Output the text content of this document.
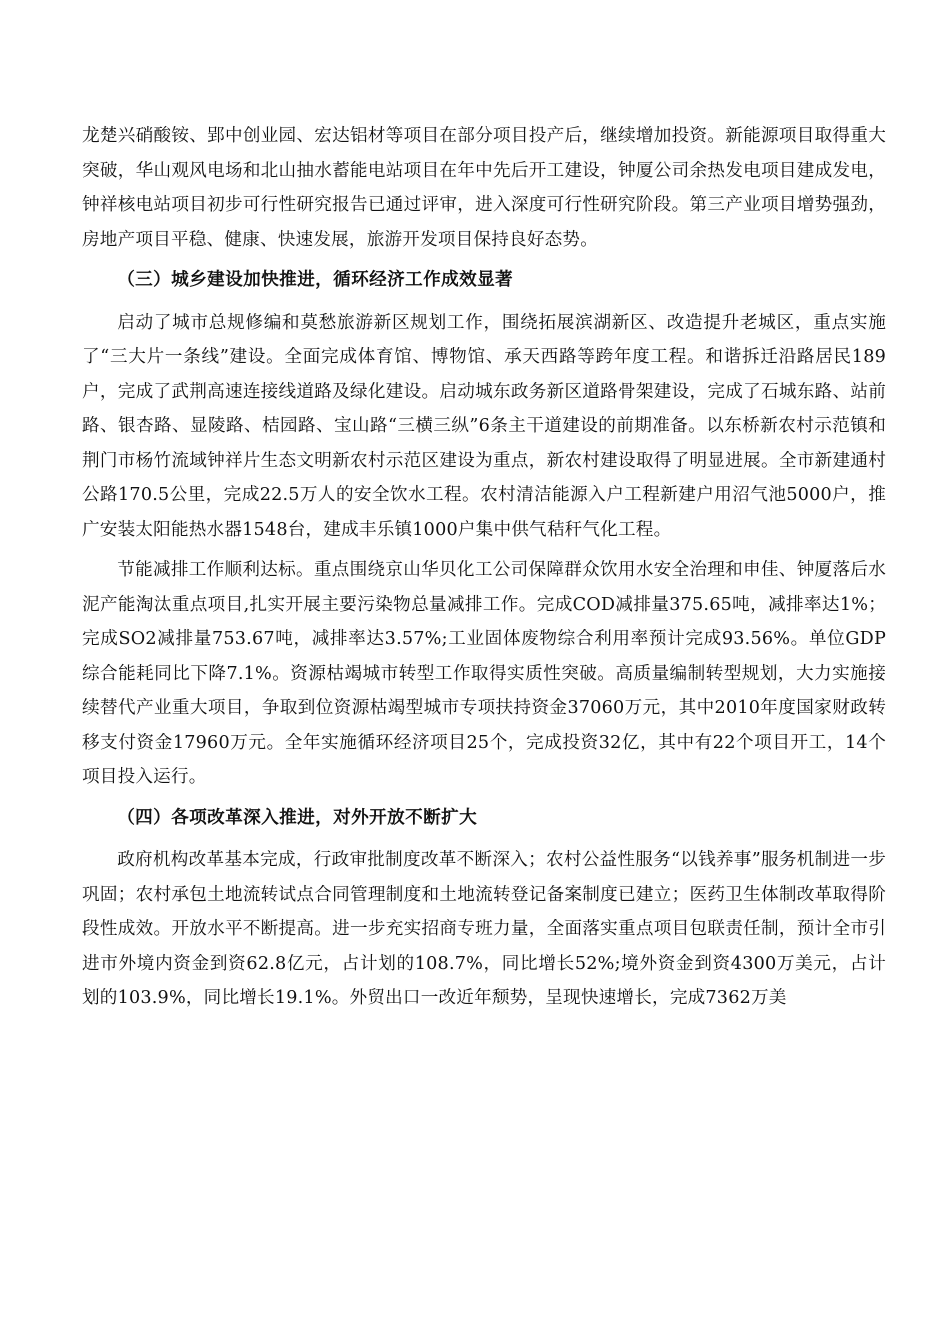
龙楚兴硝酸铵、郢中创业园、宏达铝材等项目在部分项目投产后，继续增加投资。新能源项目取得重大突破，华山观风电场和北山抽水蓄能电站项目在年中先后开工建设，钟厦公司余热发电项目建成发电，钟祥核电站项目初步可行性研究报告已通过评审，进入深度可行性研究阶段。第三产业项目增势强劲，房地产项目平稳、健康、快速发展，旅游开发项目保持良好态势。

（三）城乡建设加快推进，循环经济工作成效显著

启动了城市总规修编和莫愁旅游新区规划工作，围绕拓展滨湖新区、改造提升老城区，重点实施了“三大片一条线”建设。全面完成体育馆、博物馆、承天西路等跨年度工程。和谐拆迁沿路居民189户，完成了武荆高速连接线道路及绿化建设。启动城东政务新区道路骨架建设，完成了石城东路、站前路、银杏路、显陵路、桔园路、宝山路“三横三纵”6条主干道建设的前期准备。以东桥新农村示范镇和荆门市杨竹流域钟祥片生态文明新农村示范区建设为重点，新农村建设取得了明显进展。全市新建通村公路170.5公里，完成22.5万人的安全饮水工程。农村清洁能源入户工程新建户用沼气池5000户，推广安装太阳能热水器1548台，建成丰乐镇1000户集中供气秸秆气化工程。

节能减排工作顺利达标。重点围绕京山华贝化工公司保障群众饮用水安全治理和申佳、钟厦落后水泥产能淘汰重点项目,扎实开展主要污染物总量减排工作。完成COD减排量375.65吨，减排率达1%；完成SO2减排量753.67吨，减排率达3.57%;工业固体废物综合利用率预计完成93.56%。单位GDP综合能耗同比下降7.1%。资源枯竭城市转型工作取得实质性突破。高质量编制转型规划，大力实施接续替代产业重大项目，争取到位资源枯竭型城市专项扶持资金37060万元，其中2010年度国家财政转移支付资金17960万元。全年实施循环经济项目25个，完成投资32亿，其中有22个项目开工，14个项目投入运行。

（四）各项改革深入推进，对外开放不断扩大

政府机构改革基本完成，行政审批制度改革不断深入；农村公益性服务“以钱养事”服务机制进一步巩固；农村承包土地流转试点合同管理制度和土地流转登记备案制度已建立；医药卫生体制改革取得阶段性成效。开放水平不断提高。进一步充实招商专班力量，全面落实重点项目包联责任制，预计全市引进市外境内资金到资62.8亿元，占计划的108.7%，同比增长52%;境外资金到资4300万美元，占计划的103.9%，同比增长19.1%。外贸出口一改近年颓势，呈现快速增长，完成7362万美
